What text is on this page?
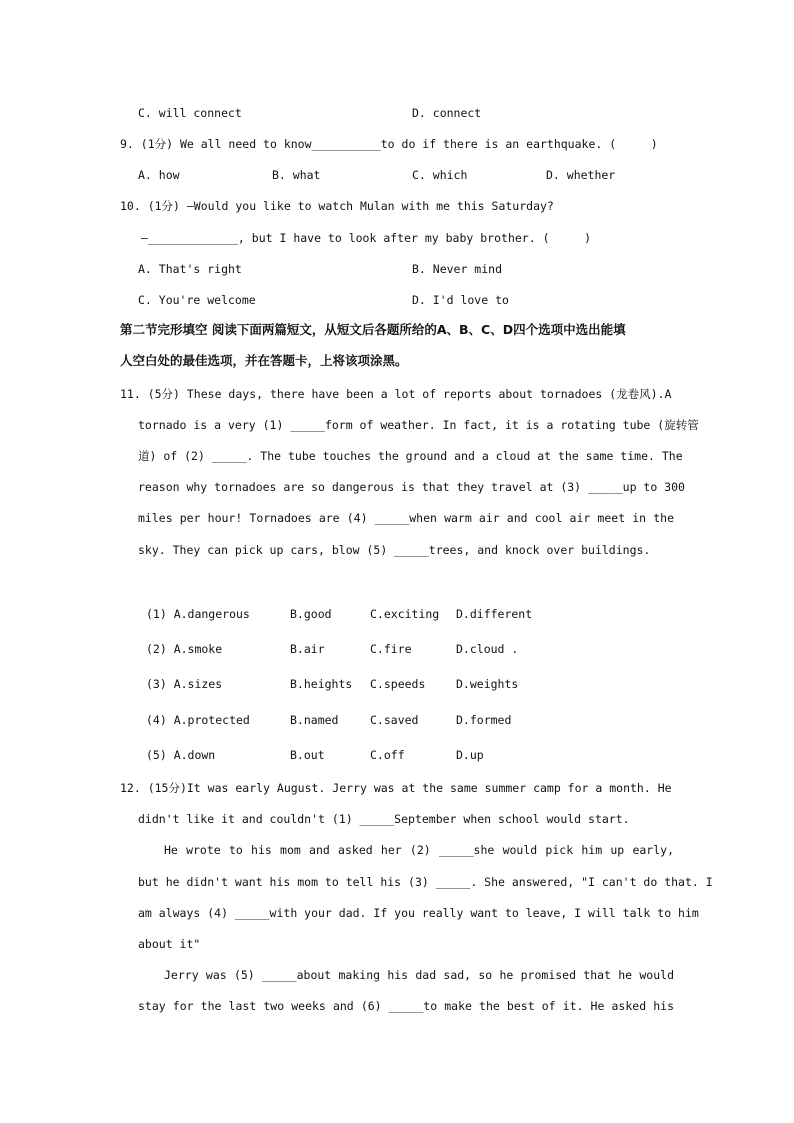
C. will connect	D. connect
9. (1分) We all need to know__________to do if there is an earthquake. (     )
A. how	B. what	C. which	D. whether
10. (1分) –Would you like to watch Mulan with me this Saturday?
–_____________, but I have to look after my baby brother. (     )
A. That's right	B. Never mind
C. You're welcome	D. I'd love to
第二节完形填空 阅读下面两篇短文，从短文后各题所给的A、B、C、D四个选项中选出能填
人空白处的最佳选项，并在答题卡，上将该项涂黑。
11. (5分) These days, there have been a lot of reports about tornadoes (龙卷风).A
tornado is a very (1) _____form of weather. In fact, it is a rotating tube (旋转管
道) of (2) _____. The tube touches the ground and a cloud at the same time. The
reason why tornadoes are so dangerous is that they travel at (3) _____up to 300
miles per hour! Tornadoes are (4) _____when warm air and cool air meet in the
sky. They can pick up cars, blow (5) _____trees, and knock over buildings.
(1) A.dangerous	B.good	C.exciting D.different
(2) A.smoke	B.air	C.fire	D.cloud .
(3) A.sizes	B.heights C.speeds	D.weights
(4) A.protected	B.named	C.saved	D.formed
(5) A.down	B.out	C.off	D.up
12. (15分)It was early August. Jerry was at the same summer camp for a month. He
didn't like it and couldn't (1) _____September when school would start.
He wrote to his mom and asked her (2) _____she would pick him up early,
but he didn't want his mom to tell his (3) _____. She answered, "I can't do that. I
am always (4) _____with your dad. If you really want to leave, I will talk to him
about it"
Jerry was (5) _____about making his dad sad, so he promised that he would
stay for the last two weeks and (6) _____to make the best of it. He asked his
